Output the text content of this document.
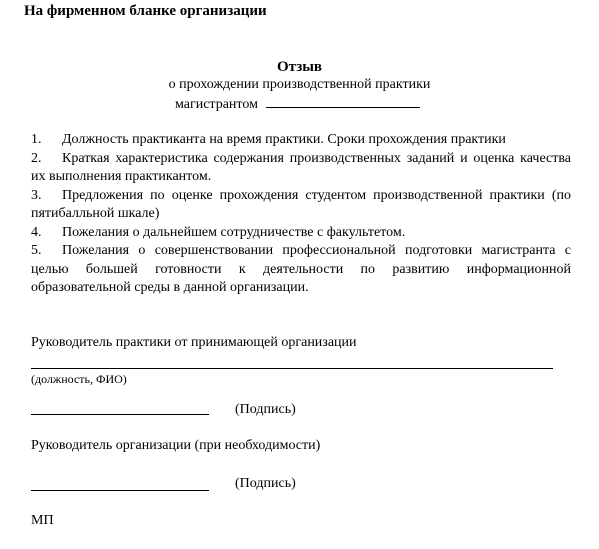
На фирменном бланке организации
Отзыв
о прохождении производственной практики
магистрантом

1. Должность практиканта на время практики. Сроки прохождения практики

2. Краткая характеристика содержания производственных заданий и оценка качества их выполнения практикантом.

3. Предложения по оценке прохождения студентом производственной практики (по пятибалльной шкале)

4. Пожелания о дальнейшем сотрудничестве с факультетом.

5. Пожелания о совершенствовании профессиональной подготовки магистранта с целью большей готовности к деятельности по развитию информационной образовательной среды в данной организации.

Руководитель практики от принимающей организации
(должность, ФИО)
(Подпись)
Руководитель организации (при необходимости)
(Подпись)
МП
